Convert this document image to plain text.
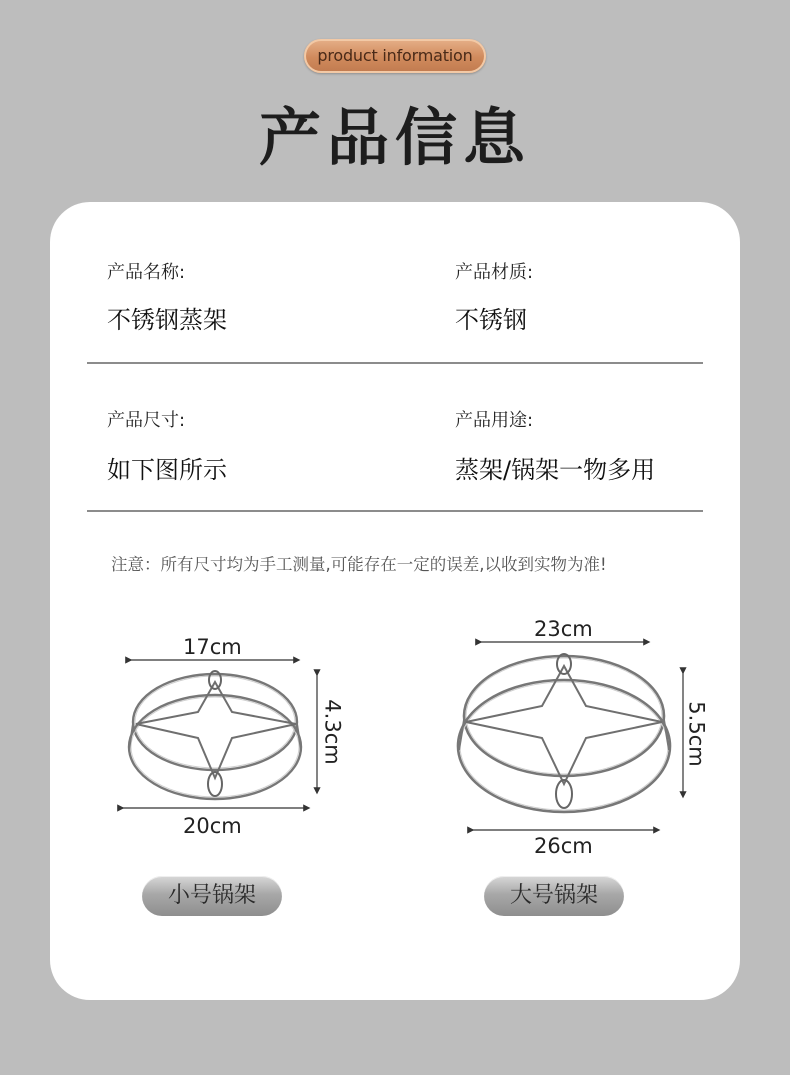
product information
产品信息
产品名称:
不锈钢蒸架
产品材质:
不锈钢
产品尺寸:
如下图所示
产品用途:
蒸架/锅架一物多用
注意：所有尺寸均为手工测量,可能存在一定的误差,以收到实物为准!
17cm
4.3cm
20cm
小号锅架
23cm
5.5cm
26cm
大号锅架
